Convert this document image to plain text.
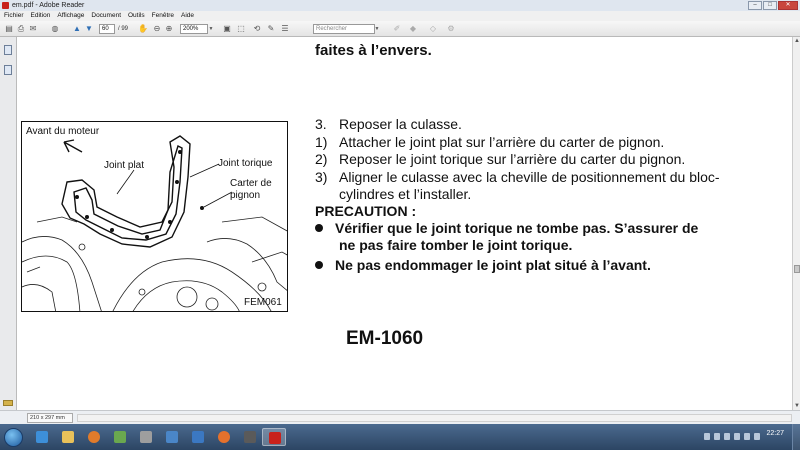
em.pdf - Adobe Reader	–	□	✕
Fichier	Edition	Affichage	Document	Outils	Fenêtre	Aide
▤ ⎙ ✉ ◍ ▲ ▼	60	/ 99 ✋ ⊖ ⊕	200%	▼	▣ ⬚ ⟲ ✎ ☰	Rechercher	▼	✐ ◆ ◇ ⚙
faites à l’envers.
Avant du moteur
Joint plat	Joint torique
Carter de
pignon
FEM061
3. Reposer la culasse.
1) Attacher le joint plat sur l’arrière du carter de pignon.
2) Reposer le joint torique sur l’arrière du carter du pignon.
3) Aligner le culasse avec la cheville de positionnement du bloc-
cylindres et l’installer.
PRECAUTION :
Vérifier que le joint torique ne tombe pas. S’assurer de
ne pas faire tomber le joint torique.
Ne pas endommager le joint plat situé à l’avant.
EM-1060
▲
▼
210 x 297 mm
22:27
